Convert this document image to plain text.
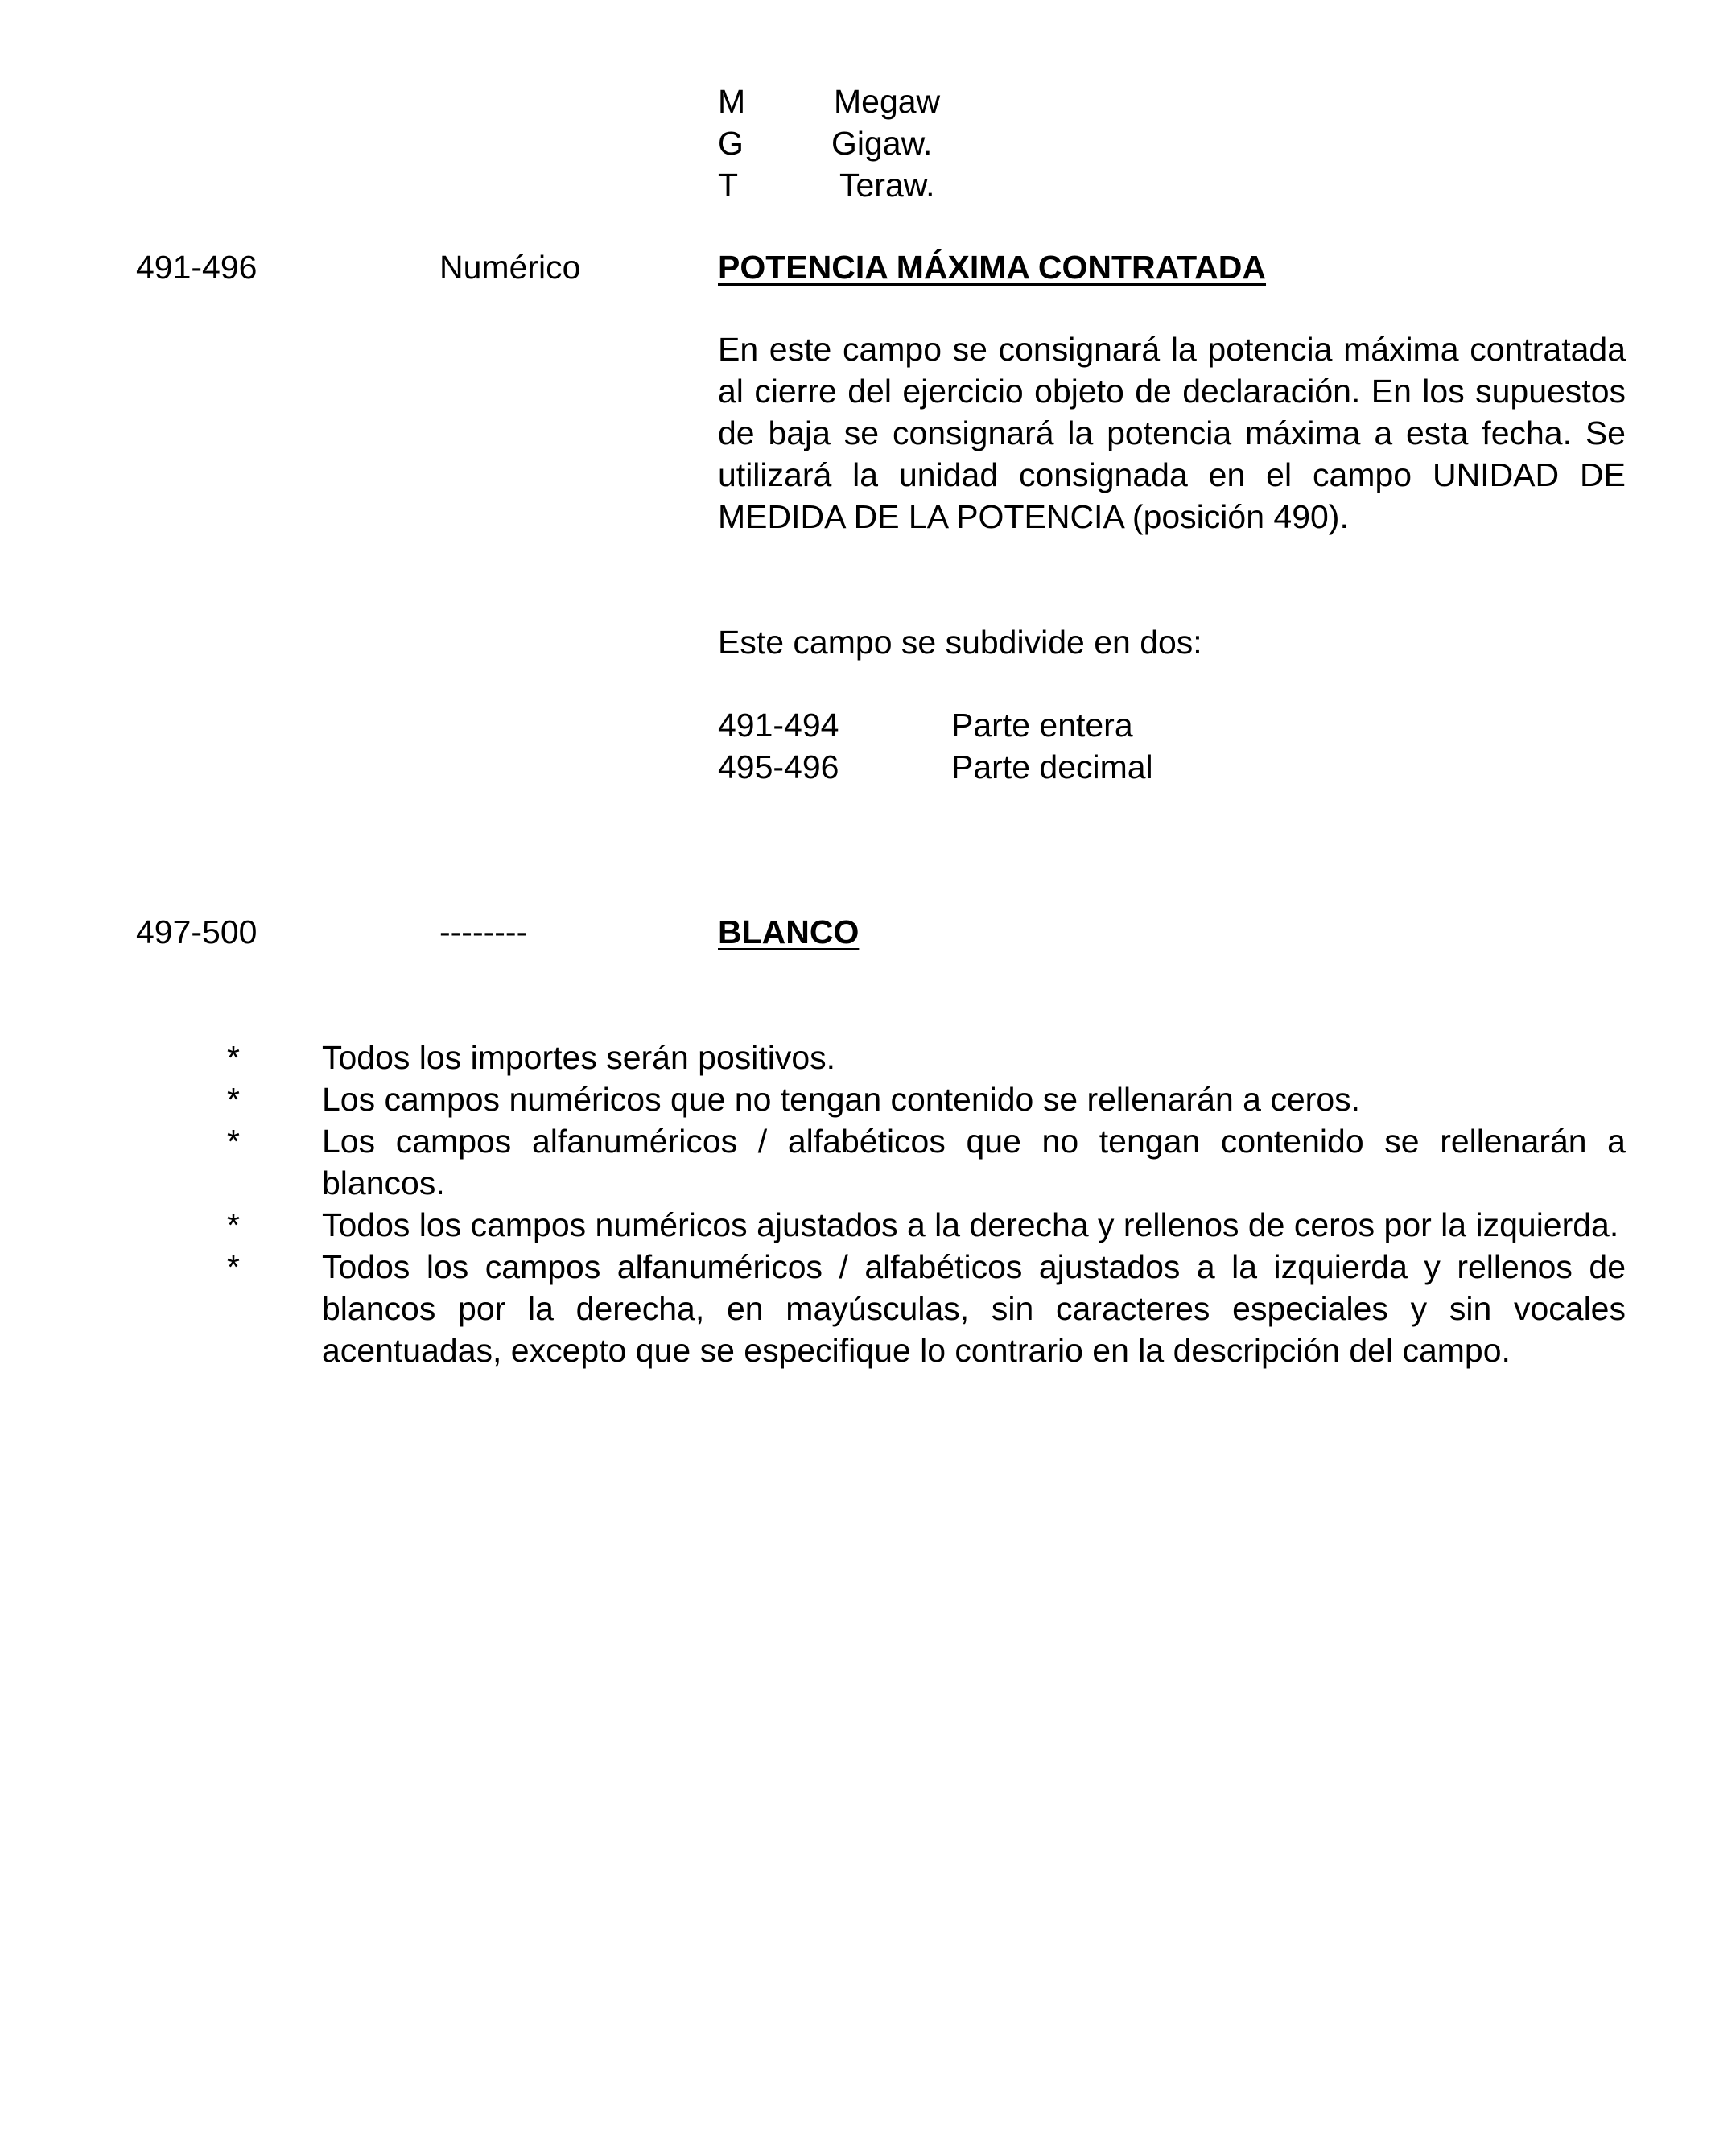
M	Megaw
G	Gigaw.
T	Teraw.
491-496	Numérico	POTENCIA MÁXIMA CONTRATADA
En este campo se consignará la potencia máxima contratada al cierre del ejercicio objeto de declaración. En los supuestos de baja se consignará la potencia máxima a esta fecha. Se utilizará la unidad consignada en el campo UNIDAD DE MEDIDA DE LA POTENCIA (posición 490).
Este campo se subdivide en dos:
491-494	Parte entera
495-496	Parte decimal
497-500	--------	BLANCO
* Todos los importes serán positivos.
* Los campos numéricos que no tengan contenido se rellenarán a ceros.
* Los campos alfanuméricos / alfabéticos que no tengan contenido se rellenarán a blancos.
* Todos los campos numéricos ajustados a la derecha y rellenos de ceros por la izquierda.
* Todos los campos alfanuméricos / alfabéticos ajustados a la izquierda y rellenos de blancos por la derecha, en mayúsculas, sin caracteres especiales y sin vocales acentuadas, excepto que se especifique lo contrario en la descripción del campo.
